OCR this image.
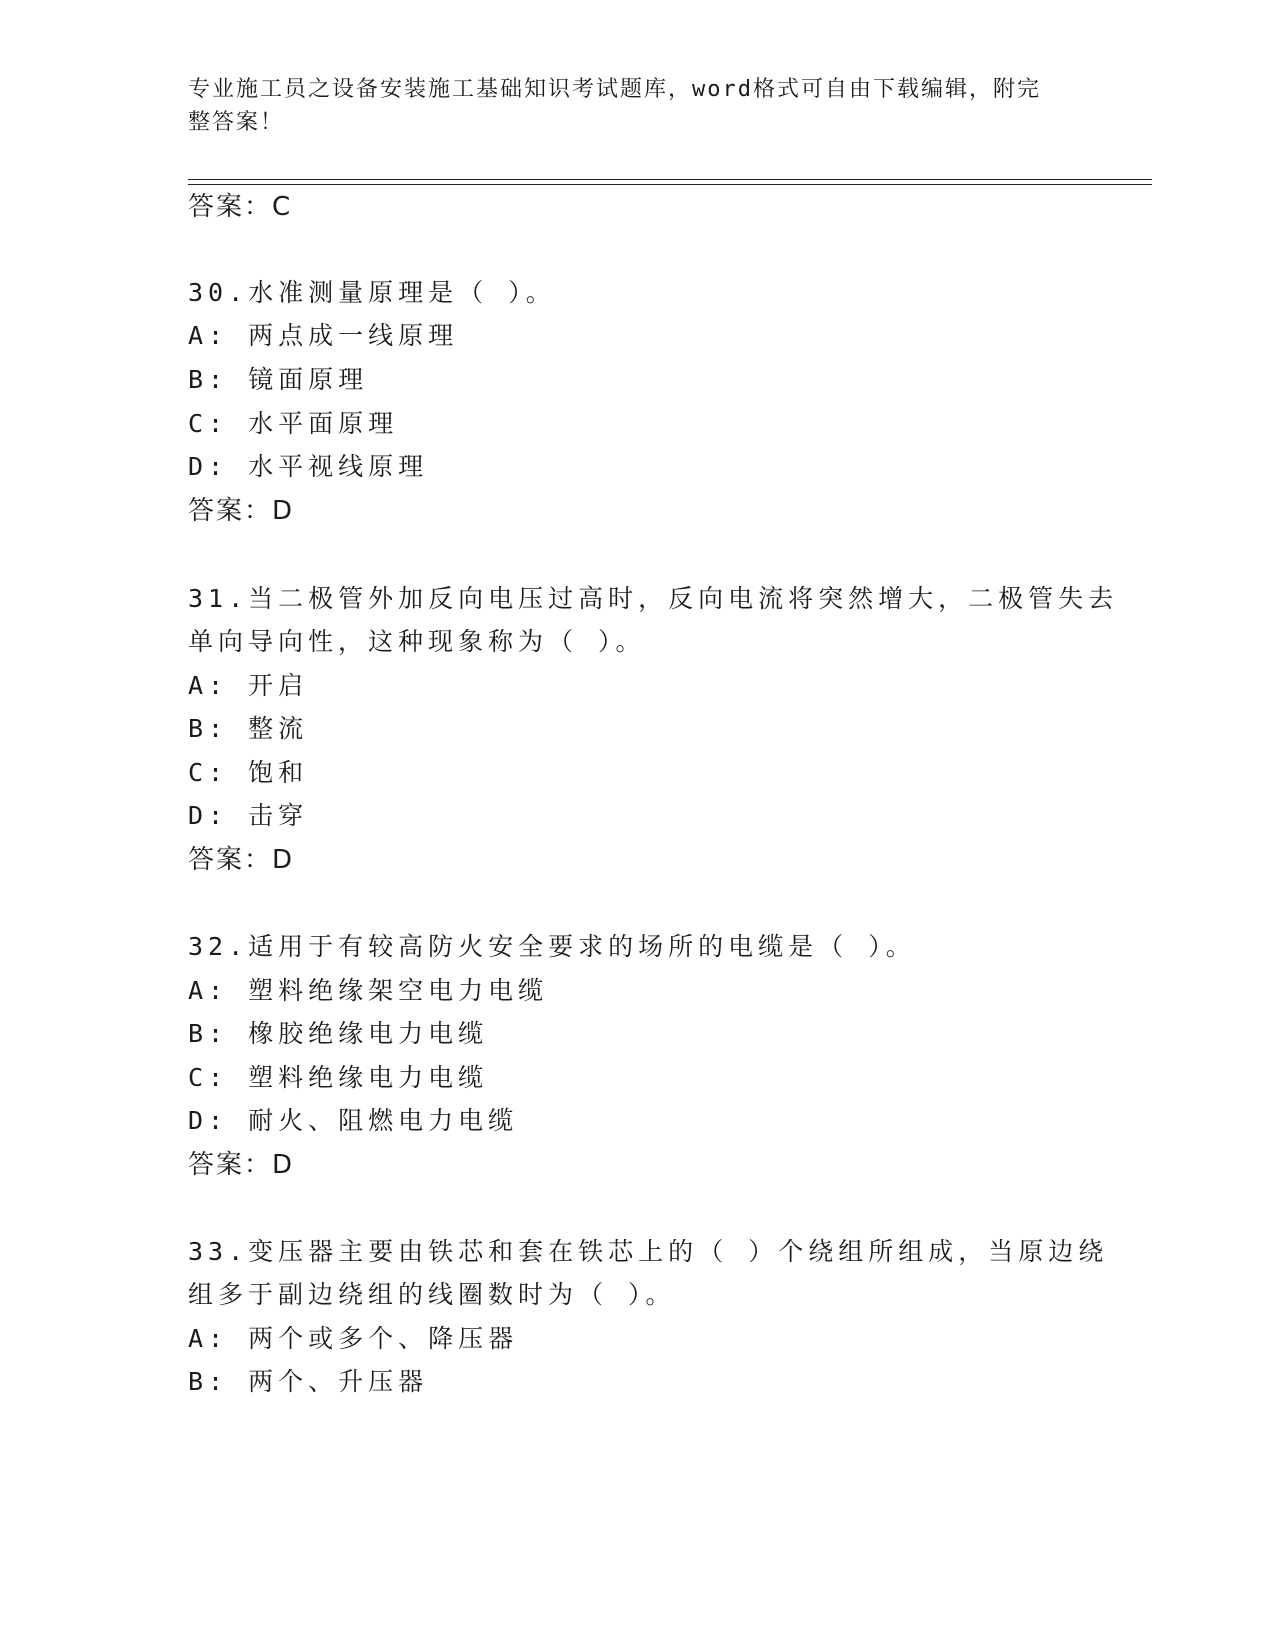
专业施工员之设备安装施工基础知识考试题库，word格式可自由下载编辑，附完
整答案！
答案：C
30.水准测量原理是（ ）。
A: 两点成一线原理
B: 镜面原理
C: 水平面原理
D: 水平视线原理
答案：D
31.当二极管外加反向电压过高时，反向电流将突然增大，二极管失去
单向导向性，这种现象称为（ ）。
A: 开启
B: 整流
C: 饱和
D: 击穿
答案：D
32.适用于有较高防火安全要求的场所的电缆是（ ）。
A: 塑料绝缘架空电力电缆
B: 橡胶绝缘电力电缆
C: 塑料绝缘电力电缆
D: 耐火、阻燃电力电缆
答案：D
33.变压器主要由铁芯和套在铁芯上的（ ）个绕组所组成，当原边绕
组多于副边绕组的线圈数时为（ ）。
A: 两个或多个、降压器
B: 两个、升压器
